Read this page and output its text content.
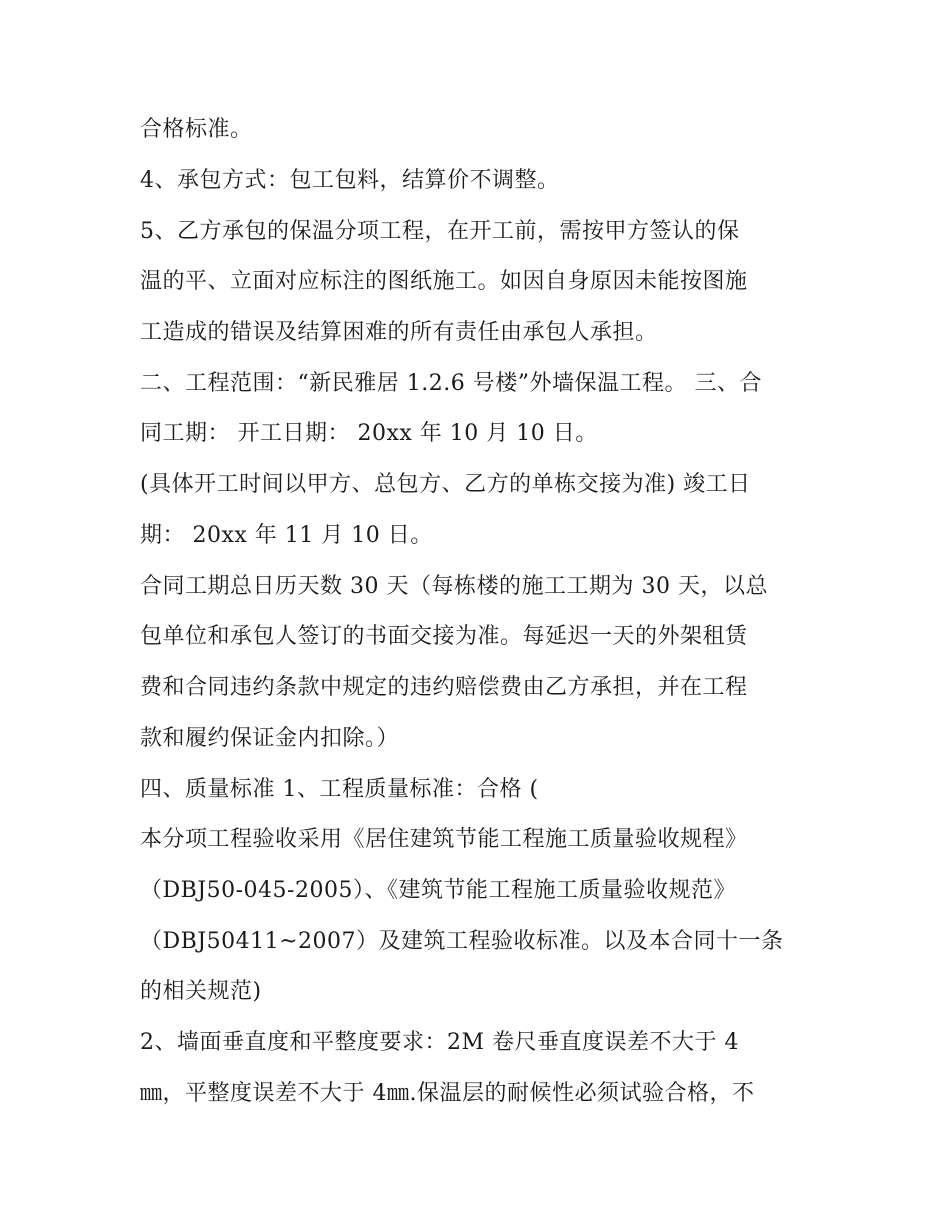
合格标准。
4、承包方式：包工包料，结算价不调整。
5、乙方承包的保温分项工程，在开工前，需按甲方签认的保
温的平、立面对应标注的图纸施工。如因自身原因未能按图施
工造成的错误及结算困难的所有责任由承包人承担。
二、工程范围：“新民雅居 1.2.6 号楼”外墙保温工程。 三、合
同工期： 开工日期： 20xx 年 10 月 10 日。
(具体开工时间以甲方、总包方、乙方的单栋交接为准) 竣工日
期： 20xx 年 11 月 10 日。
合同工期总日历天数 30 天（每栋楼的施工工期为 30 天，以总
包单位和承包人签订的书面交接为准。每延迟一天的外架租赁
费和合同违约条款中规定的违约赔偿费由乙方承担，并在工程
款和履约保证金内扣除。）
四、质量标准 1、工程质量标准：合格 (
本分项工程验收采用《居住建筑节能工程施工质量验收规程》
（DBJ50-045-2005）、《建筑节能工程施工质量验收规范》
（DBJ50411~2007）及建筑工程验收标准。以及本合同十一条
的相关规范)
2、墙面垂直度和平整度要求：2M 卷尺垂直度误差不大于 4
㎜，平整度误差不大于 4㎜.保温层的耐候性必须试验合格，不
